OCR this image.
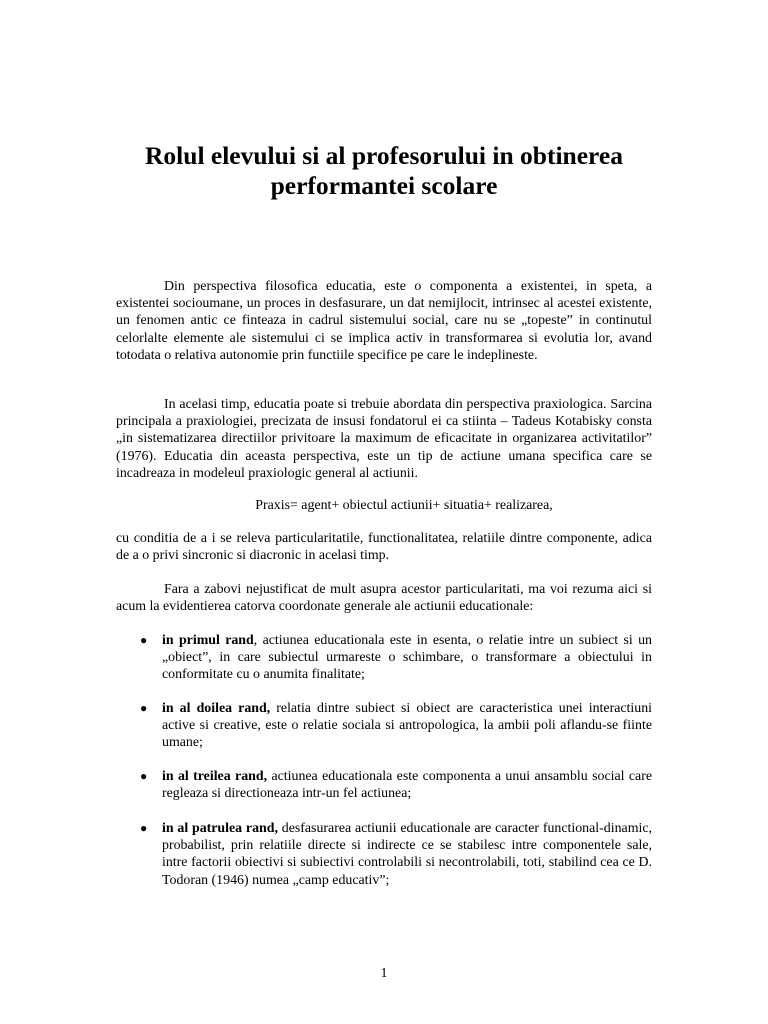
Rolul elevului si al profesorului in obtinerea
performantei scolare

Din perspectiva filosofica educatia, este o componenta a existentei, in speta, a existentei socioumane, un proces in desfasurare, un dat nemijlocit, intrinsec al acestei existente, un fenomen antic ce finteaza in cadrul sistemului social, care nu se „topeste” in continutul celorlalte elemente ale sistemului ci se implica activ in transformarea si evolutia lor, avand totodata o relativa autonomie prin functiile specifice pe care le indeplineste.

In acelasi timp, educatia poate si trebuie abordata din perspectiva praxiologica. Sarcina principala a praxiologiei, precizata de insusi fondatorul ei ca stiinta – Tadeus Kotabisky consta „in sistematizarea directiilor privitoare la maximum de eficacitate in organizarea activitatilor” (1976). Educatia din aceasta perspectiva, este un tip de actiune umana specifica care se incadreaza in modeleul praxiologic general al actiunii.

Praxis= agent+ obiectul actiunii+ situatia+ realizarea,

cu conditia de a i se releva particularitatile, functionalitatea, relatiile dintre componente, adica de a o privi sincronic si diacronic in acelasi timp.

Fara a zabovi nejustificat de mult asupra acestor particularitati, ma voi rezuma aici si acum la evidentierea catorva coordonate generale ale actiunii educationale:

● in primul rand, actiunea educationala este in esenta, o relatie intre un subiect si un „obiect”, in care subiectul urmareste o schimbare, o transformare a obiectului in conformitate cu o anumita finalitate;
● in al doilea rand, relatia dintre subiect si obiect are caracteristica unei interactiuni active si creative, este o relatie sociala si antropologica, la ambii poli aflandu-se fiinte umane;
● in al treilea rand, actiunea educationala este componenta a unui ansamblu social care regleaza si directioneaza intr-un fel actiunea;
● in al patrulea rand, desfasurarea actiunii educationale are caracter functional-dinamic, probabilist, prin relatiile directe si indirecte ce se stabilesc intre componentele sale, intre factorii obiectivi si subiectivi controlabili si necontrolabili, toti, stabilind cea ce D. Todoran (1946) numea „camp educativ”;
1
